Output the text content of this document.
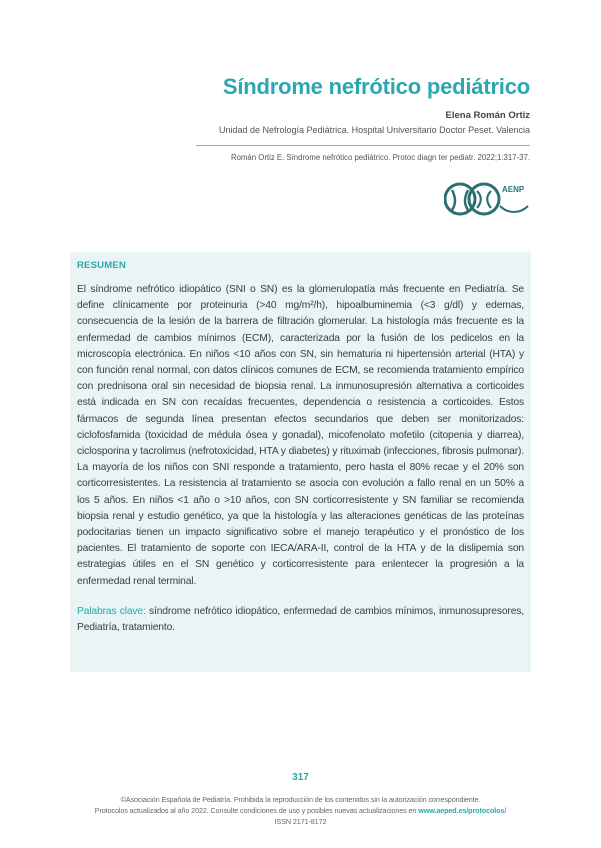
Síndrome nefrótico pediátrico
Elena Román Ortiz
Unidad de Nefrología Pediátrica. Hospital Universitario Doctor Peset. Valencia
Román Ortiz E. Síndrome nefrótico pediátrico. Protoc diagn ter pediatr. 2022;1:317-37.
AENP
RESUMEN

El síndrome nefrótico idiopático (SNI o SN) es la glomerulopatía más frecuente en Pediatría. Se define clínicamente por proteinuria (>40 mg/m²/h), hipoalbuminemia (<3 g/dl) y edemas, consecuencia de la lesión de la barrera de filtración glomerular. La histología más frecuente es la enfermedad de cambios mínimos (ECM), caracterizada por la fusión de los pedicelos en la microscopía electrónica. En niños <10 años con SN, sin hematuria ni hipertensión arterial (HTA) y con función renal normal, con datos clínicos comunes de ECM, se recomienda tratamiento empírico con prednisona oral sin necesidad de biopsia renal. La inmunosupresión alternativa a corticoides está indicada en SN con recaídas frecuentes, dependencia o resistencia a corticoides. Estos fármacos de segunda línea presentan efectos secundarios que deben ser monitorizados: ciclofosfamida (toxicidad de médula ósea y gonadal), micofenolato mofetilo (citopenia y diarrea), ciclosporina y tacrolimus (nefrotoxicidad, HTA y diabetes) y rituximab (infecciones, fibrosis pulmonar). La mayoría de los niños con SNI responde a tratamiento, pero hasta el 80% recae y el 20% son corticorresistentes. La resistencia al tratamiento se asocia con evolución a fallo renal en un 50% a los 5 años. En niños <1 año o >10 años, con SN corticorresistente y SN familiar se recomienda biopsia renal y estudio genético, ya que la histología y las alteraciones genéticas de las proteínas podocitarias tienen un impacto significativo sobre el manejo terapéutico y el pronóstico de los pacientes. El tratamiento de soporte con IECA/ARA-II, control de la HTA y de la dislipemia son estrategias útiles en el SN genético y corticorresistente para enlentecer la progresión a la enfermedad renal terminal.

Palabras clave: síndrome nefrótico idiopático, enfermedad de cambios mínimos, inmunosupresores, Pediatría, tratamiento.

317
©Asociación Española de Pediatría. Prohibida la reproducción de los contenidos sin la autorización correspondiente.
Protocolos actualizados al año 2022. Consulte condiciones de uso y posibles nuevas actualizaciones en www.aeped.es/protocolos/
ISSN 2171-8172
